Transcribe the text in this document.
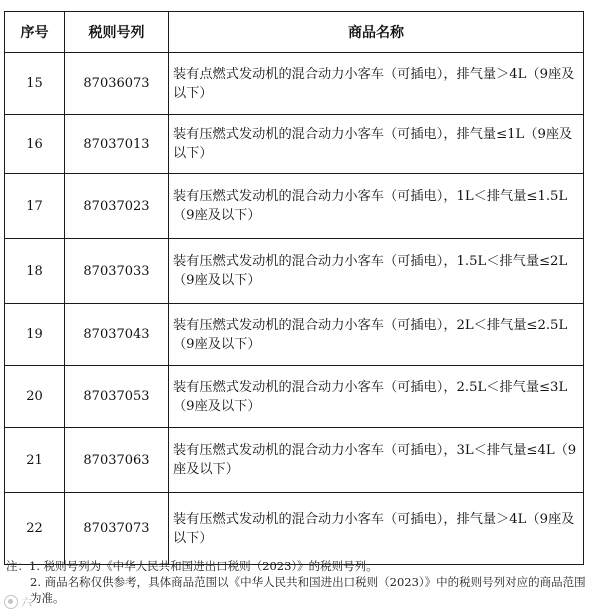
序号	税则号列	商品名称
15	87036073	装有点燃式发动机的混合动力小客车（可插电），排气量＞4L（9座及以下）
16	87037013	装有压燃式发动机的混合动力小客车（可插电），排气量≤1L（9座及以下）
17	87037023	装有压燃式发动机的混合动力小客车（可插电），1L＜排气量≤1.5L（9座及以下）
18	87037033	装有压燃式发动机的混合动力小客车（可插电），1.5L＜排气量≤2L（9座及以下）
19	87037043	装有压燃式发动机的混合动力小客车（可插电），2L＜排气量≤2.5L（9座及以下）
20	87037053	装有压燃式发动机的混合动力小客车（可插电），2.5L＜排气量≤3L（9座及以下）
21	87037063	装有压燃式发动机的混合动力小客车（可插电），3L＜排气量≤4L（9座及以下）
22	87037073	装有压燃式发动机的混合动力小客车（可插电），排气量＞4L（9座及以下）
注：1. 税则号列为《中华人民共和国进出口税则（2023）》的税则号列。
2. 商品名称仅供参考，具体商品范围以《中华人民共和国进出口税则（2023）》中的税则号列对应的商品范围为准。
六
